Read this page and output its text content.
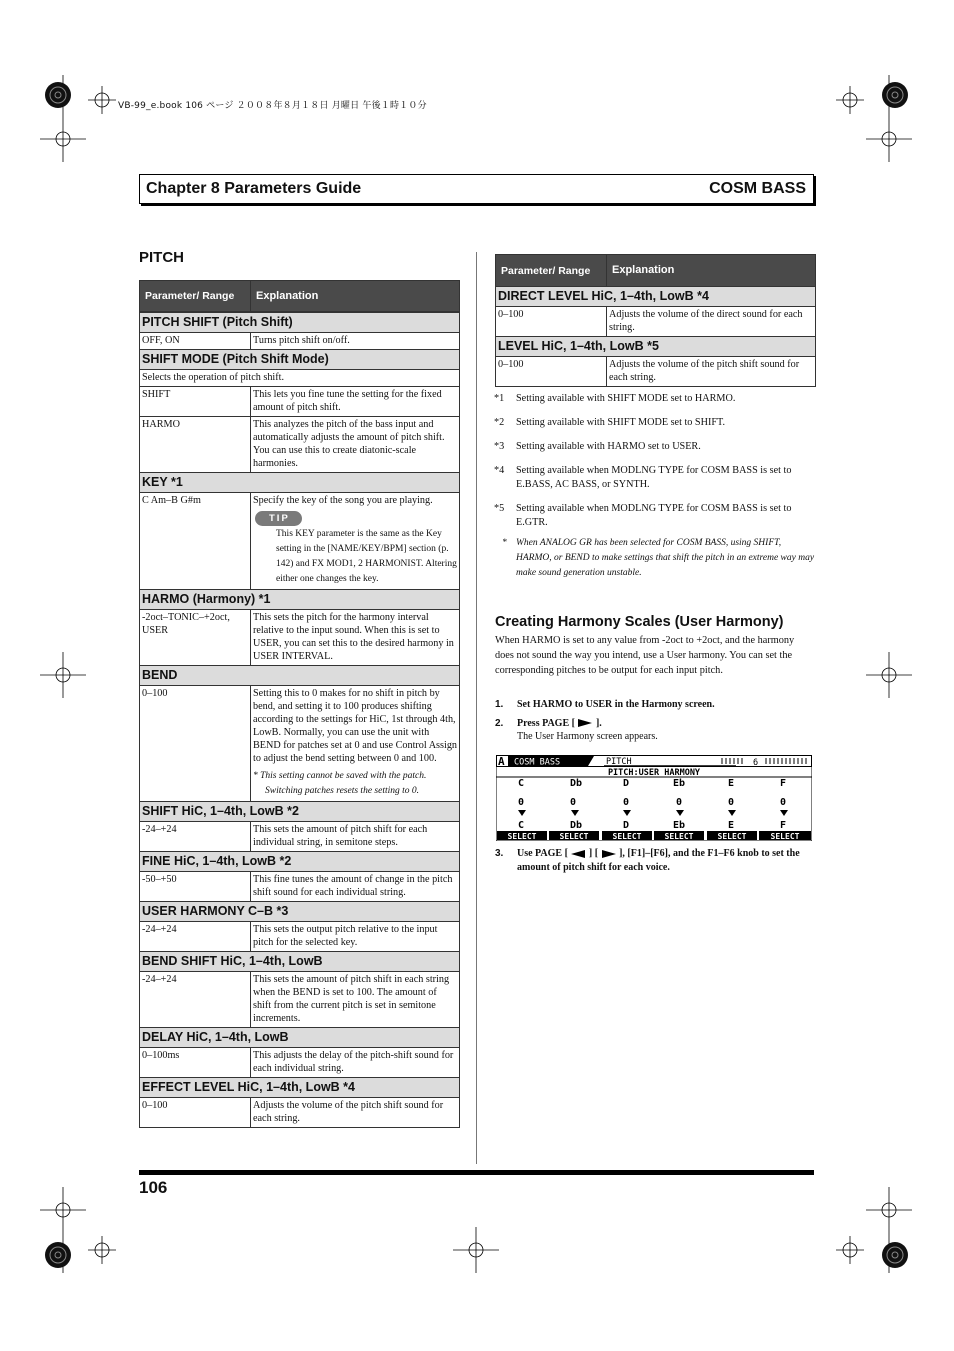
VB-99_e.book 106 ページ ２００８年８月１８日 月曜日 午後１時１０分
Chapter 8 Parameters Guide	COSM BASS
PITCH
Parameter/ Range	Explanation

PITCH SHIFT (Pitch Shift)	
OFF, ON	Turns pitch shift on/off.
SHIFT MODE (Pitch Shift Mode)	
Selects the operation of pitch shift.	
SHIFT	This lets you fine tune the setting for the fixed amount of pitch shift.
HARMO	This analyzes the pitch of the bass input and automatically adjusts the amount of pitch shift. You can use this to create diatonic-scale harmonies.
KEY *1	
C Am–B G#m	Specify the key of the song you are playing.
TIP
This KEY parameter is the same as the Key setting in the [NAME/KEY/BPM] section (p. 142) and FX MOD1, 2 HARMONIST. Altering either one changes the key.

HARMO (Harmony) *1	
-2oct–TONIC–+2oct, USER	This sets the pitch for the harmony interval relative to the input sound. When this is set to USER, you can set this to the desired harmony in USER INTERVAL.
BEND	
0–100	Setting this to 0 makes for no shift in pitch by bend, and setting it to 100 produces shifting according to the settings for HiC, 1st through 4th, LowB. Normally, you can use the unit with BEND for patches set at 0 and use Control Assign to adjust the bend setting between 0 and 100.
* This setting cannot be saved with the patch. Switching patches resets the setting to 0.

SHIFT HiC, 1–4th, LowB *2	
-24–+24	This sets the amount of pitch shift for each individual string, in semitone steps.
FINE HiC, 1–4th, LowB *2	
-50–+50	This fine tunes the amount of change in the pitch shift sound for each individual string.
USER HARMONY C–B *3	
-24–+24	This sets the output pitch relative to the input pitch for the selected key.
BEND SHIFT HiC, 1–4th, LowB	
-24–+24	This sets the amount of pitch shift in each string when the BEND is set to 100. The amount of shift from the current pitch is set in semitone increments.
DELAY HiC, 1–4th, LowB	
0–100ms	This adjusts the delay of the pitch-shift sound for each individual string.
EFFECT LEVEL HiC, 1–4th, LowB *4	
0–100	Adjusts the volume of the pitch shift sound for each string.
Parameter/ Range	Explanation
DIRECT LEVEL HiC, 1–4th, LowB *4	
0–100	Adjusts the volume of the direct sound for each string.
LEVEL HiC, 1–4th, LowB *5	
0–100	Adjusts the volume of the pitch shift sound for each string.
*1 Setting available with SHIFT MODE set to HARMO.
*2 Setting available with SHIFT MODE set to SHIFT.
*3 Setting available with HARMO set to USER.
*4 Setting available when MODLNG TYPE for COSM BASS is set to E.BASS, AC BASS, or SYNTH.
*5 Setting available when MODLNG TYPE for COSM BASS is set to E.GTR.
* When ANALOG GR has been selected for COSM BASS, using SHIFT, HARMO, or BEND to make settings that shift the pitch in an extreme way may make sound generation unstable.
Creating Harmony Scales (User Harmony)
When HARMO is set to any value from -2oct to +2oct, and the harmony does not sound the way you intend, use a User harmony. You can set the corresponding pitches to be output for each input pitch.
1. Set HARMO to USER in the Harmony screen.
2. Press PAGE [ ].
The User Harmony screen appears.
A COSM BASS	PITCH	6
PITCH:USER HARMONY
C	Db	D	Eb	E	F
0	0	0	0	0	0
C	Db	D	Eb	E	F
SELECT	SELECT	SELECT	SELECT	SELECT	SELECT
3. Use PAGE [ ] [ ], [F1]–[F6], and the F1–F6 knob to set the amount of pitch shift for each voice.
106
